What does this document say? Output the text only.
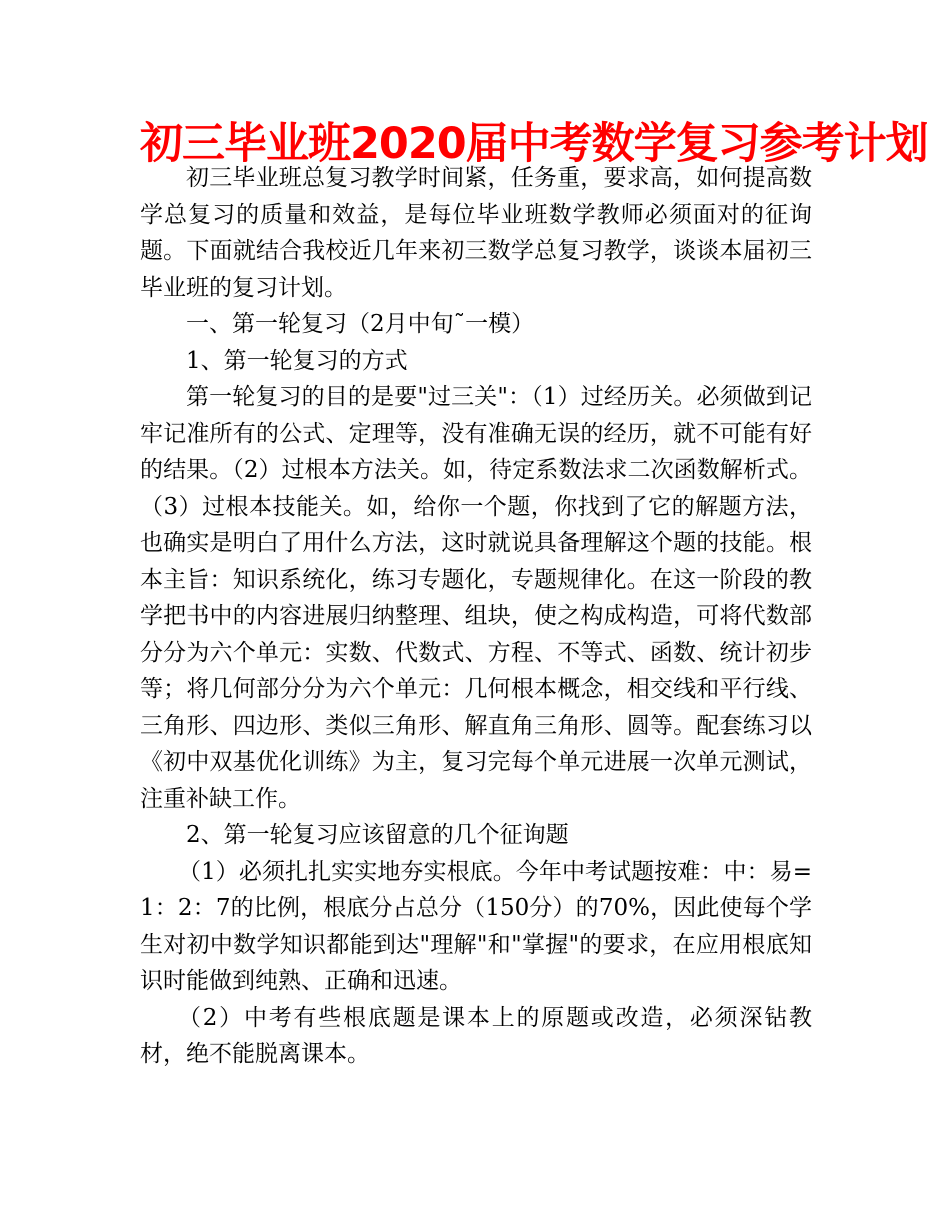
初三毕业班2020届中考数学复习参考计划

初三毕业班总复习教学时间紧，任务重，要求高，如何提高数学总复习的质量和效益，是每位毕业班数学教师必须面对的征询题。下面就结合我校近几年来初三数学总复习教学，谈谈本届初三毕业班的复习计划。

一、第一轮复习（2月中旬˜一模）

1、第一轮复习的方式

第一轮复习的目的是要"过三关"：（1）过经历关。必须做到记牢记准所有的公式、定理等，没有准确无误的经历，就不可能有好的结果。（2）过根本方法关。如，待定系数法求二次函数解析式。（3）过根本技能关。如，给你一个题，你找到了它的解题方法，也确实是明白了用什么方法，这时就说具备理解这个题的技能。根本主旨：知识系统化，练习专题化，专题规律化。在这一阶段的教学把书中的内容进展归纳整理、组块，使之构成构造，可将代数部分分为六个单元：实数、代数式、方程、不等式、函数、统计初步等；将几何部分分为六个单元：几何根本概念，相交线和平行线、三角形、四边形、类似三角形、解直角三角形、圆等。配套练习以《初中双基优化训练》为主，复习完每个单元进展一次单元测试，注重补缺工作。

2、第一轮复习应该留意的几个征询题

（1）必须扎扎实实地夯实根底。今年中考试题按难：中：易=1：2：7的比例，根底分占总分（150分）的70%，因此使每个学生对初中数学知识都能到达"理解"和"掌握"的要求，在应用根底知识时能做到纯熟、正确和迅速。

（2）中考有些根底题是课本上的原题或改造，必须深钻教材，绝不能脱离课本。
